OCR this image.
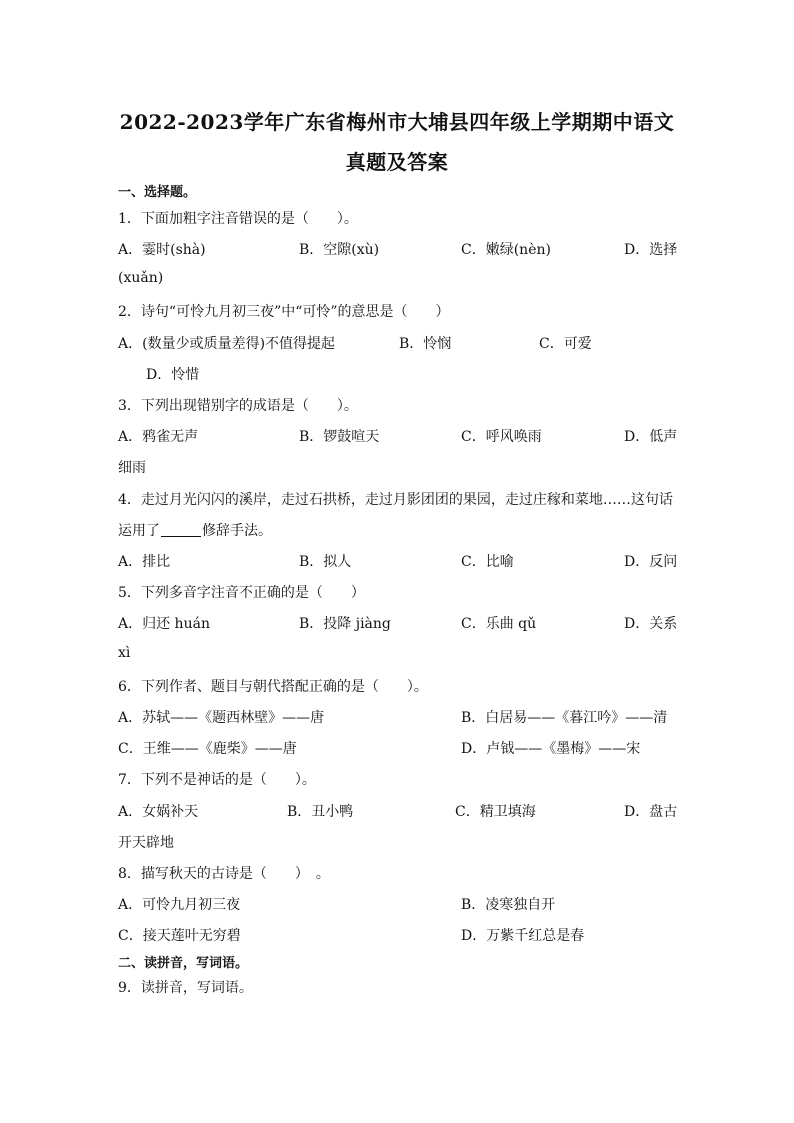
2022-2023学年广东省梅州市大埔县四年级上学期期中语文
真题及答案
一、选择题。
1．下面加粗字注音错误的是（　　）。
A．霎时(shà)	B．空隙(xù)	C．嫩绿(nèn)	D．选择
(xuǎn)
2．诗句“可怜九月初三夜”中“可怜”的意思是（　　）
A．(数量少或质量差得)不值得提起	B．怜悯	C．可爱
D．怜惜
3．下列出现错别字的成语是（　　）。
A．鸦雀无声	B．锣鼓喧天	C．呼风唤雨	D．低声
细雨
4．走过月光闪闪的溪岸，走过石拱桥，走过月影团团的果园，走过庄稼和菜地……这句话
运用了	修辞手法。
A．排比	B．拟人	C．比喻	D．反问
5．下列多音字注音不正确的是（　　）
A．归还 huán	B．投降 jiàng	C．乐曲 qǔ	D．关系
xì
6．下列作者、题目与朝代搭配正确的是（　　）。
A．苏轼——《题西林壁》——唐	B．白居易——《暮江吟》——清
C．王维——《鹿柴》——唐	D．卢钺——《墨梅》——宋
7．下列不是神话的是（　　）。
A．女娲补天	B．丑小鸭	C．精卫填海	D．盘古
开天辟地
8．描写秋天的古诗是（　　）　。
A．可怜九月初三夜	B．凌寒独自开
C．接天莲叶无穷碧	D．万紫千红总是春
二、读拼音，写词语。
9．读拼音，写词语。
